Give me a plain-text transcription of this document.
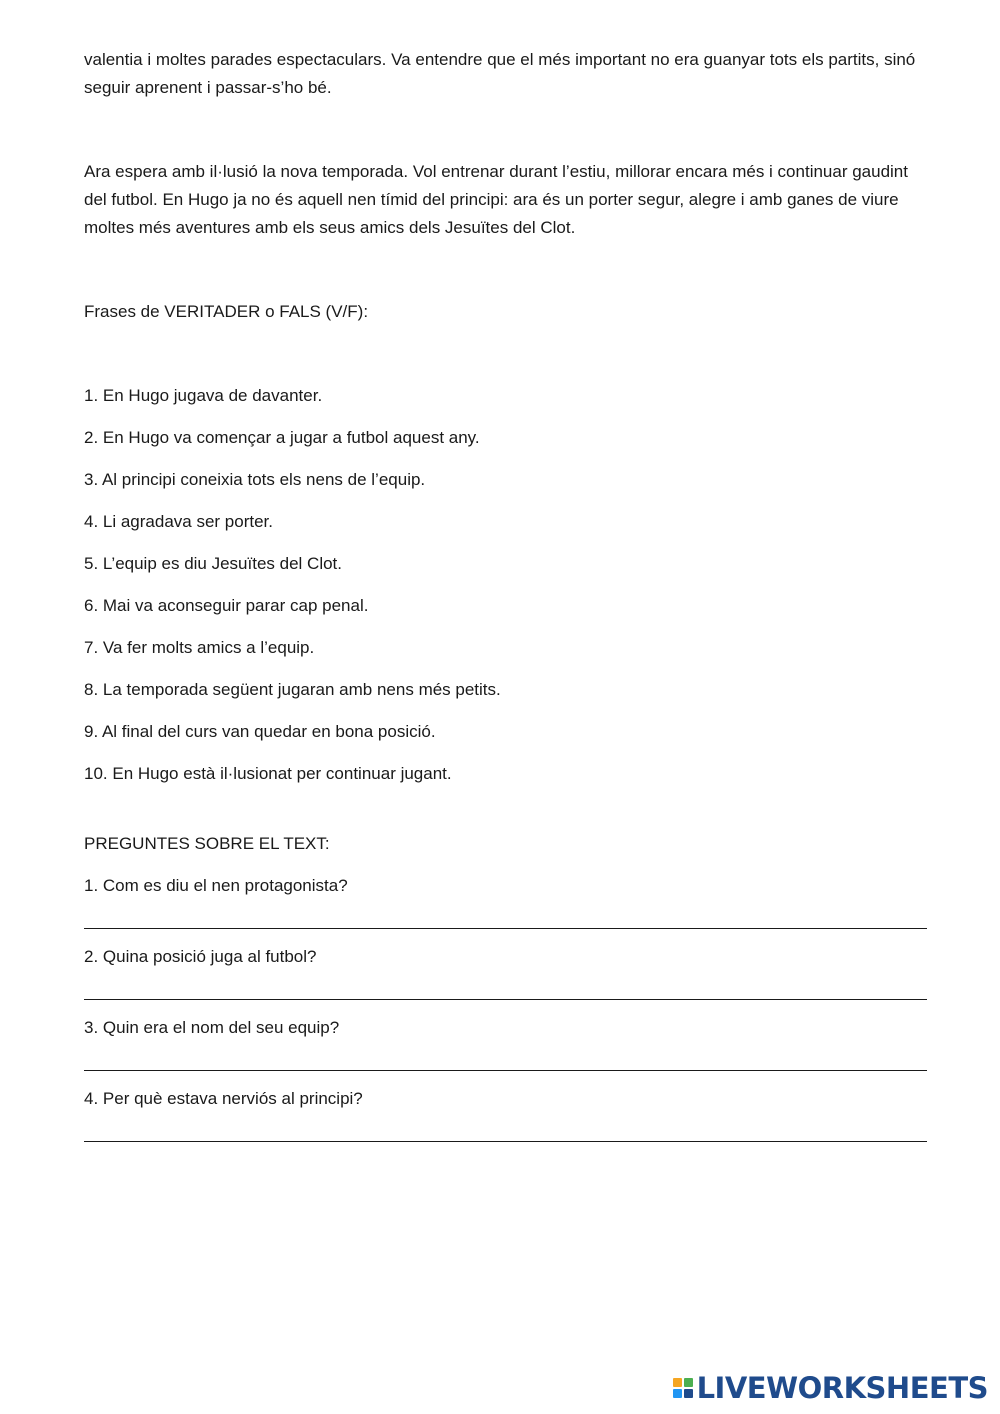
valentia i moltes parades espectaculars. Va entendre que el més important no era guanyar tots els partits, sinó seguir aprenent i passar-s’ho bé.

Ara espera amb il·lusió la nova temporada. Vol entrenar durant l’estiu, millorar encara més i continuar gaudint del futbol. En Hugo ja no és aquell nen tímid del principi: ara és un porter segur, alegre i amb ganes de viure moltes més aventures amb els seus amics dels Jesuïtes del Clot.

Frases de VERITADER o FALS (V/F):

1. En Hugo jugava de davanter.
2. En Hugo va començar a jugar a futbol aquest any.
3. Al principi coneixia tots els nens de l’equip.
4. Li agradava ser porter.
5. L’equip es diu Jesuïtes del Clot.
6. Mai va aconseguir parar cap penal.
7. Va fer molts amics a l’equip.
8. La temporada següent jugaran amb nens més petits.
9. Al final del curs van quedar en bona posició.
10. En Hugo està il·lusionat per continuar jugant.

PREGUNTES SOBRE EL TEXT:

1. Com es diu el nen protagonista?
2. Quina posició juga al futbol?
3. Quin era el nom del seu equip?
4. Per què estava nerviós al principi?
LIVEWORKSHEETS
